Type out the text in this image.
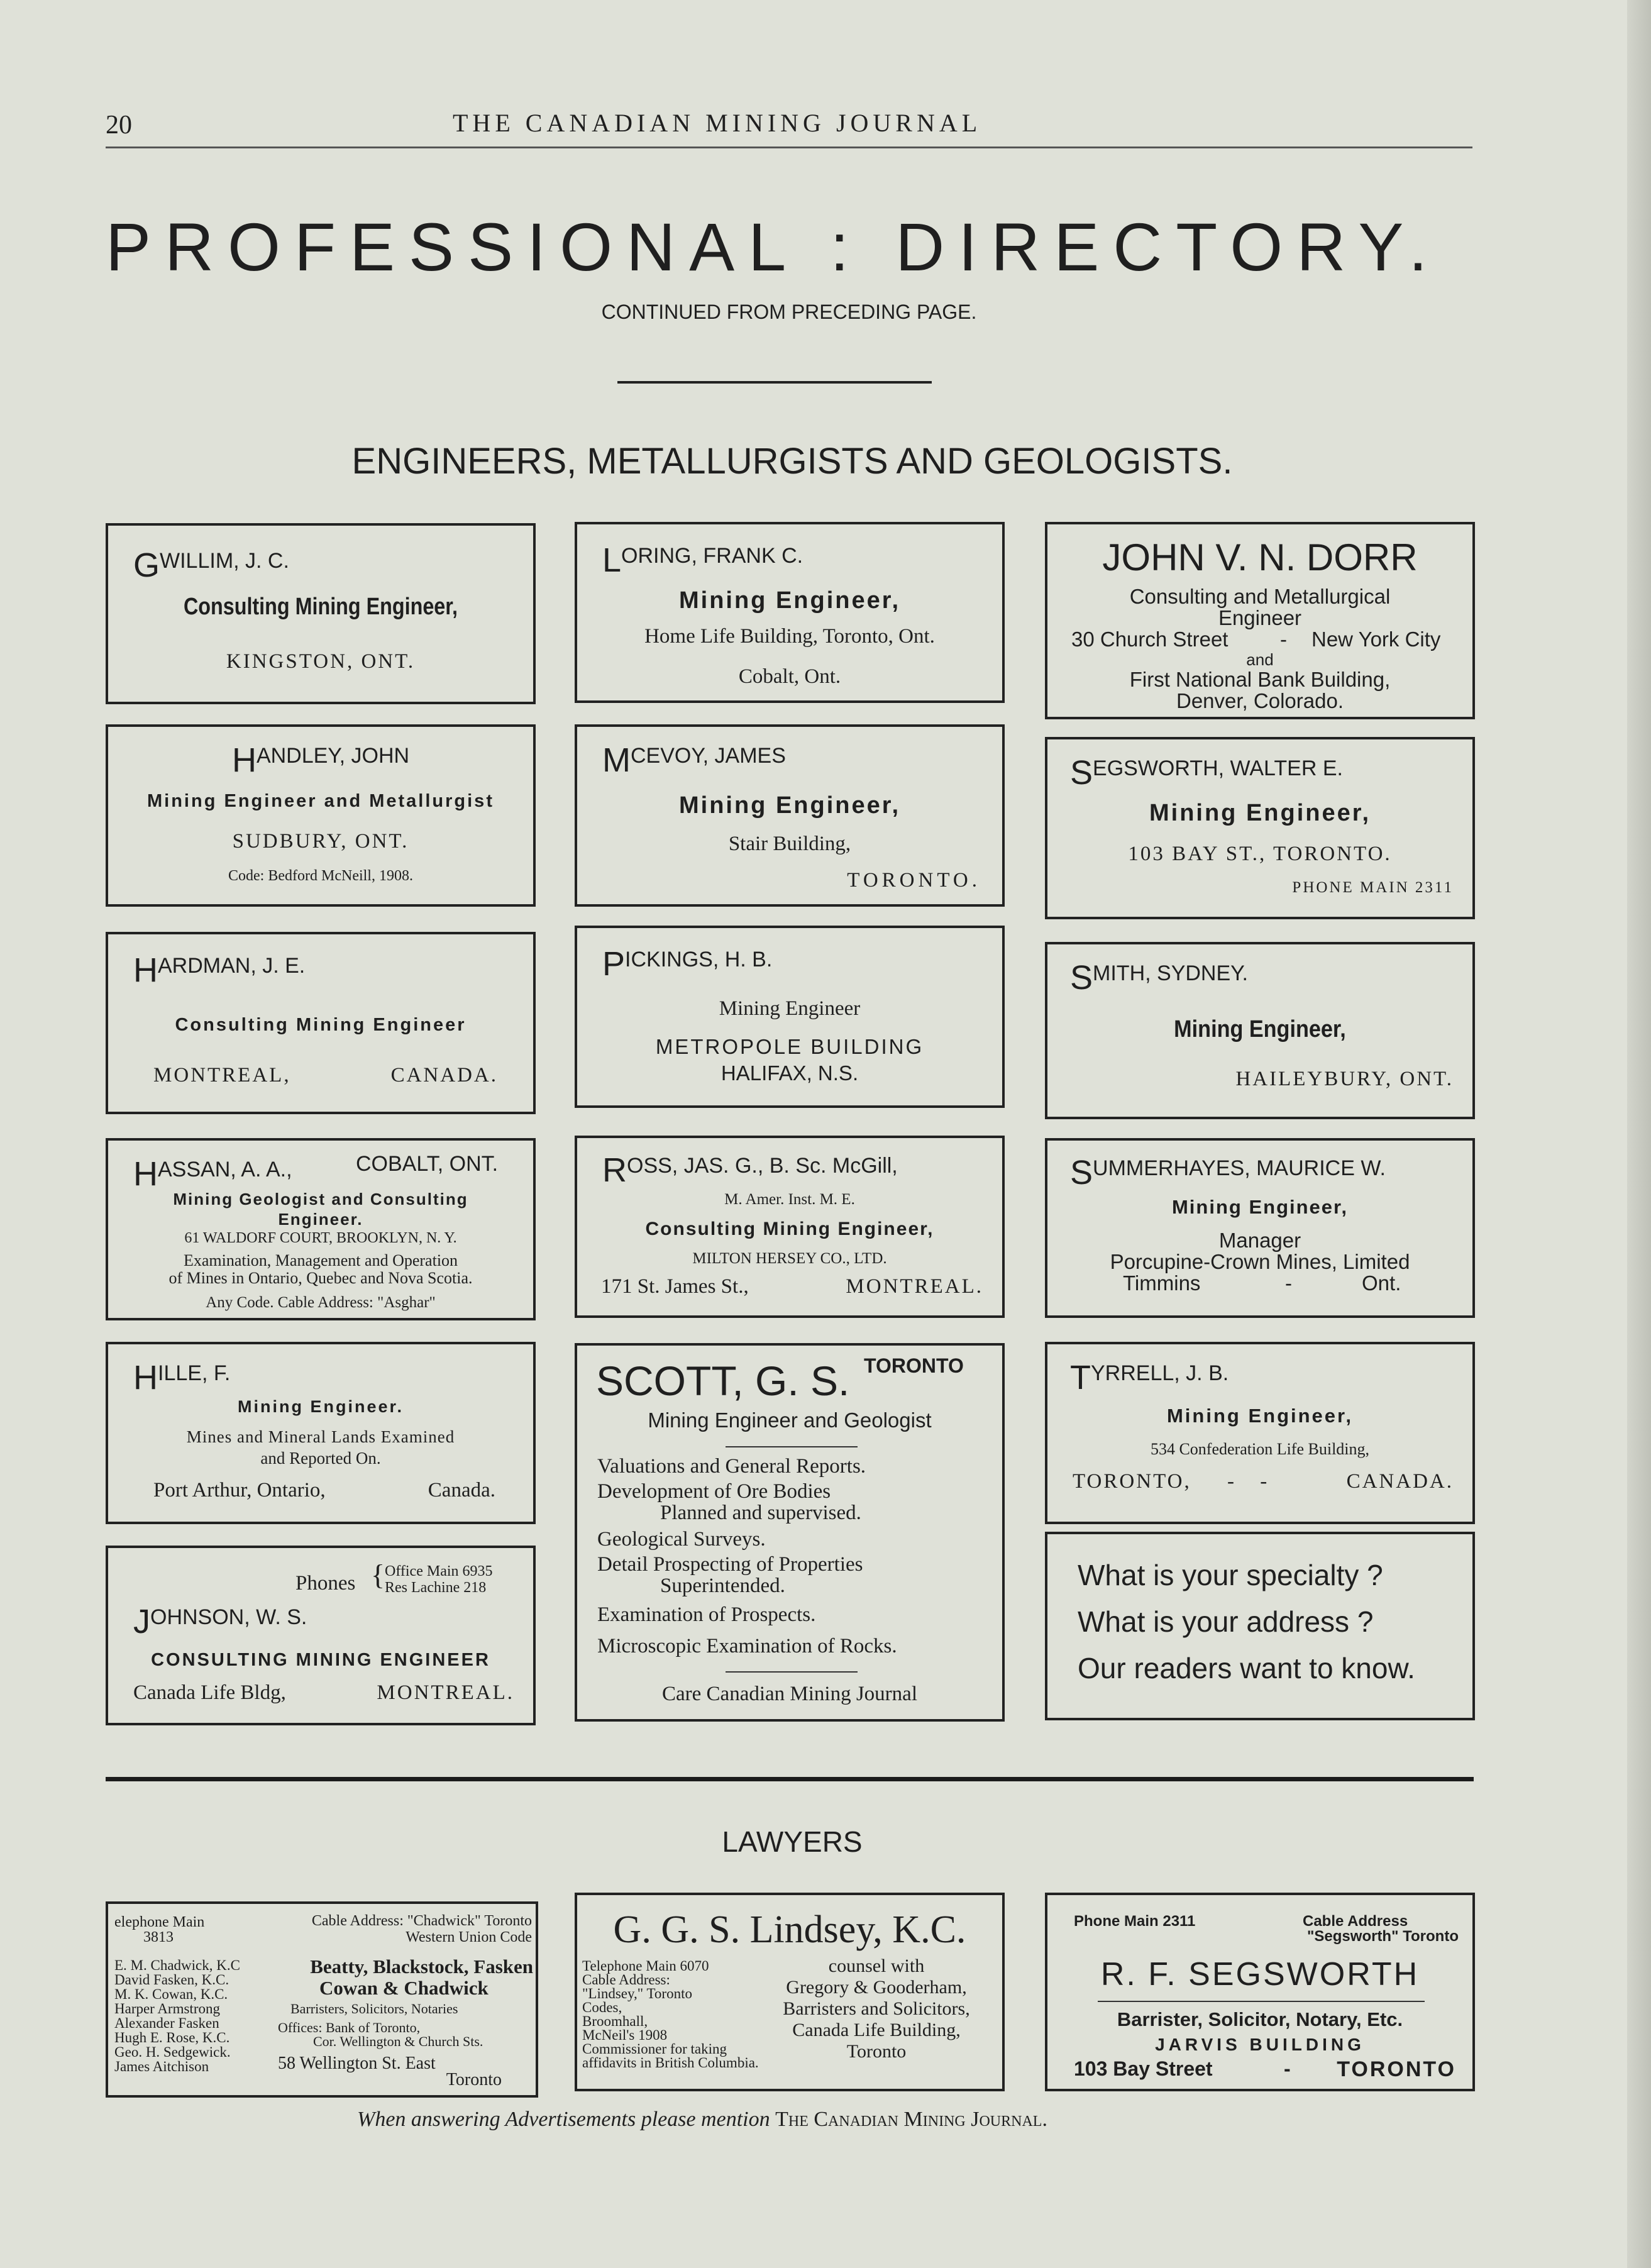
20	THE CANADIAN MINING JOURNAL
PROFESSIONAL : DIRECTORY.
CONTINUED FROM PRECEDING PAGE.
ENGINEERS, METALLURGISTS AND GEOLOGISTS.
GWILLIM, J. C.
Consulting Mining Engineer,
KINGSTON, ONT.
LORING, FRANK C.
Mining Engineer,
Home Life Building, Toronto, Ont.
Cobalt, Ont.
JOHN V. N. DORR
Consulting and Metallurgical
Engineer
30 Church Street	- New York City
and
First National Bank Building,
Denver, Colorado.
HANDLEY, JOHN
Mining Engineer and Metallurgist
SUDBURY, ONT.
Code: Bedford McNeill, 1908.
MCEVOY, JAMES
Mining Engineer,
Stair Building,
TORONTO.
SEGSWORTH, WALTER E.
Mining Engineer,
103 BAY ST., TORONTO.
PHONE MAIN 2311
HARDMAN, J. E.
Consulting Mining Engineer
MONTREAL,	CANADA.
PICKINGS, H. B.
Mining Engineer
METROPOLE BUILDING
HALIFAX, N.S.
SMITH, SYDNEY.
Mining Engineer,
HAILEYBURY, ONT.
HASSAN, A. A.,	COBALT, ONT.
Mining Geologist and Consulting
Engineer.
61 WALDORF COURT, BROOKLYN, N. Y.
Examination, Management and Operation
of Mines in Ontario, Quebec and Nova Scotia.
Any Code. Cable Address: "Asghar"
ROSS, JAS. G., B. Sc. McGill,
M. Amer. Inst. M. E.
Consulting Mining Engineer,
MILTON HERSEY CO., LTD.
171 St. James St.,	MONTREAL.
SUMMERHAYES, MAURICE W.
Mining Engineer,
Manager
Porcupine-Crown Mines, Limited
Timmins	-	Ont.
HILLE, F.
Mining Engineer.
Mines and Mineral Lands Examined
and Reported On.
Port Arthur, Ontario,	Canada.
Phones { Office Main 6935
Res Lachine 218
JOHNSON, W. S.
CONSULTING MINING ENGINEER
Canada Life Bldg,	MONTREAL.
SCOTT, G. S. TORONTO
Mining Engineer and Geologist
Valuations and General Reports.
Development of Ore Bodies
Planned and supervised.
Geological Surveys.
Detail Prospecting of Properties
Superintended.
Examination of Prospects.
Microscopic Examination of Rocks.
Care Canadian Mining Journal
TYRRELL, J. B.
Mining Engineer,
534 Confederation Life Building,
TORONTO, -     -	CANADA.
What is your specialty ?
What is your address ?
Our readers want to know.
LAWYERS
elephone Main
3813
Cable Address: "Chadwick" Toronto
Western Union Code
E. M. Chadwick, K.C
David Fasken, K.C.
M. K. Cowan, K.C.
Harper Armstrong
Alexander Fasken
Hugh E. Rose, K.C.
Geo. H. Sedgewick.
James Aitchison
Beatty, Blackstock, Fasken
Cowan & Chadwick
Barristers, Solicitors, Notaries
Offices: Bank of Toronto,
Cor. Wellington & Church Sts.
58 Wellington St. East
Toronto
G. G. S. Lindsey, K.C.
Telephone Main 6070
Cable Address:
"Lindsey," Toronto
Codes,
Broomhall,
McNeil's 1908
Commissioner for taking
affidavits in British Columbia.
counsel with
Gregory & Gooderham,
Barristers and Solicitors,
Canada Life Building,
Toronto
Phone Main 2311	Cable Address
"Segsworth" Toronto
R. F. SEGSWORTH
Barrister, Solicitor, Notary, Etc.
JARVIS BUILDING
103 Bay Street	- TORONTO
When answering Advertisements please mention The Canadian Mining Journal.
